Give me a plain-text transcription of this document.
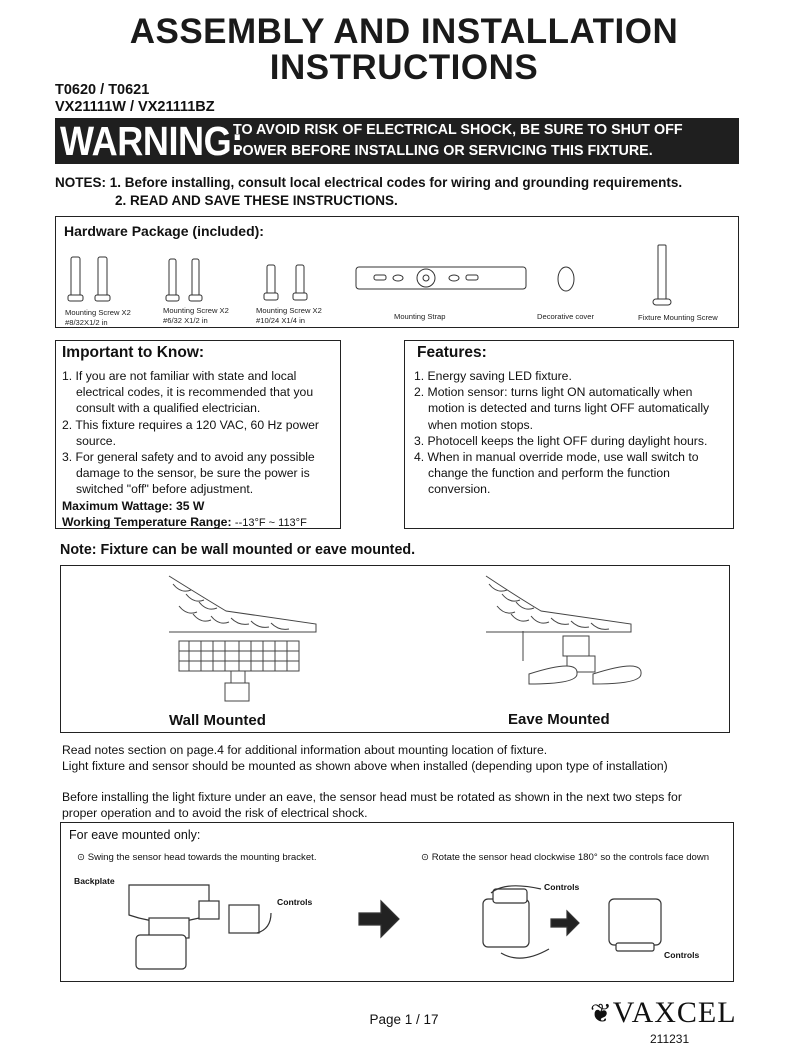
ASSEMBLY AND INSTALLATION
INSTRUCTIONS
T0620 / T0621
VX21111W / VX21111BZ
WARNING:
TO AVOID RISK OF ELECTRICAL SHOCK, BE SURE TO SHUT OFF
POWER BEFORE INSTALLING OR SERVICING THIS FIXTURE.
NOTES: 1. Before installing, consult local electrical codes for wiring and grounding requirements.
2. READ AND SAVE THESE INSTRUCTIONS.
Hardware Package (included):
Mounting Screw X2
#8/32X1/2 in
Mounting Screw X2
#6/32 X1/2 in
Mounting Screw X2
#10/24 X1/4 in	Mounting Strap	Decorative cover	Fixture Mounting Screw
Important to Know:
1. If you are not familiar with state and local electrical codes, it is recommended that you consult with a qualified electrician.
2. This fixture requires a 120 VAC, 60 Hz power source.
3. For general safety and to avoid any possible damage to the sensor, be sure the power is switched "off" before adjustment.
Maximum Wattage: 35 W
Working Temperature Range: --13°F ~ 113°F
Features:
1. Energy saving LED fixture.
2. Motion sensor: turns light ON automatically when motion is detected and turns light OFF automatically when motion stops.
3. Photocell keeps the light OFF during daylight hours.
4. When in manual override mode, use wall switch to change the function and perform the function conversion.
Note: Fixture can be wall mounted or eave mounted.
Wall Mounted	Eave Mounted
Read notes section on page.4 for additional information about mounting location of fixture.
Light fixture and sensor should be mounted as shown above when installed (depending upon type of installation)
Before installing the light fixture under an eave, the sensor head must be rotated as shown in the next two steps for
proper operation and to avoid the risk of electrical shock.
For eave mounted only:
⊙ Swing the sensor head towards the mounting bracket.	⊙ Rotate the sensor head clockwise 180° so the controls face down
Backplate
Controls
Controls
Controls
Page 1 / 17	❦VAXCEL
211231
